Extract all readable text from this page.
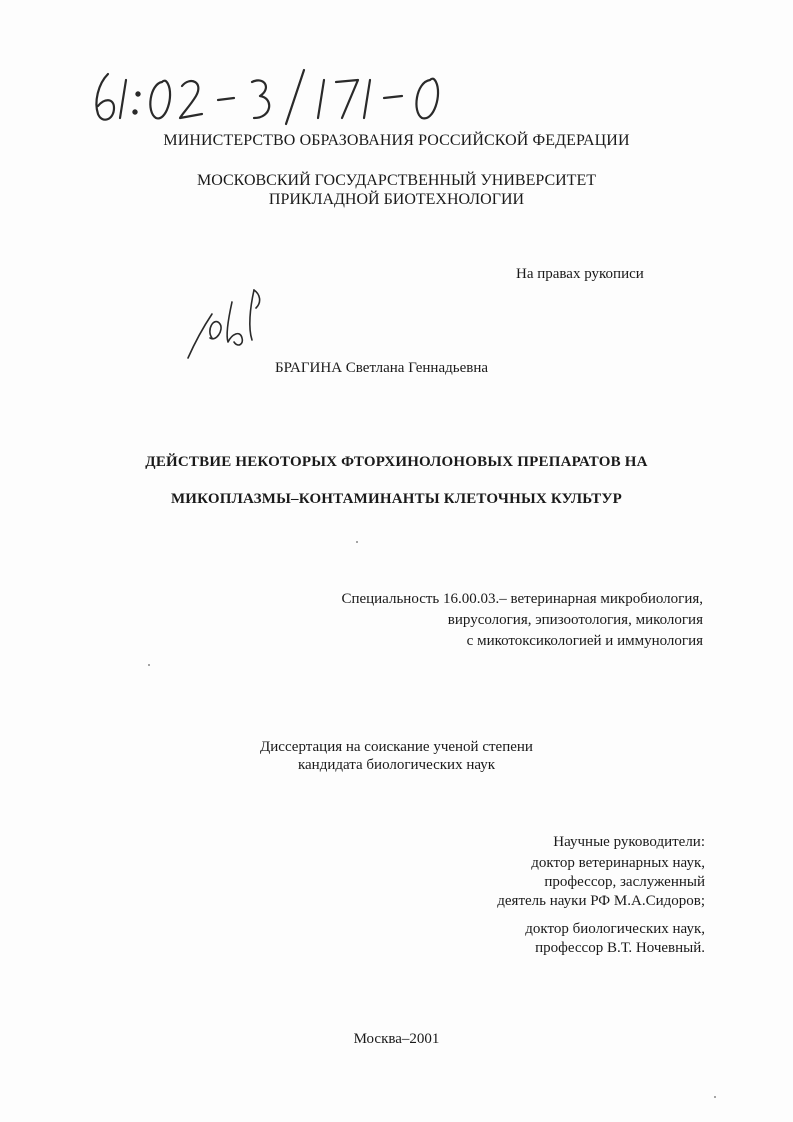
МИНИСТЕРСТВО ОБРАЗОВАНИЯ РОССИЙСКОЙ ФЕДЕРАЦИИ
МОСКОВСКИЙ ГОСУДАРСТВЕННЫЙ УНИВЕРСИТЕТ
ПРИКЛАДНОЙ БИОТЕХНОЛОГИИ
На правах рукописи
БРАГИНА Светлана Геннадьевна
ДЕЙСТВИЕ НЕКОТОРЫХ ФТОРХИНОЛОНОВЫХ ПРЕПАРАТОВ НА
МИКОПЛАЗМЫ–КОНТАМИНАНТЫ КЛЕТОЧНЫХ КУЛЬТУР
Специальность 16.00.03.– ветеринарная микробиология,
вирусология, эпизоотология, микология
с микотоксикологией и иммунология
Диссертация на соискание ученой степени
кандидата биологических наук
Научные руководители:
доктор ветеринарных наук,
профессор, заслуженный
деятель науки РФ М.А.Сидоров;
доктор биологических наук,
профессор В.Т. Ночевный.
Москва–2001
